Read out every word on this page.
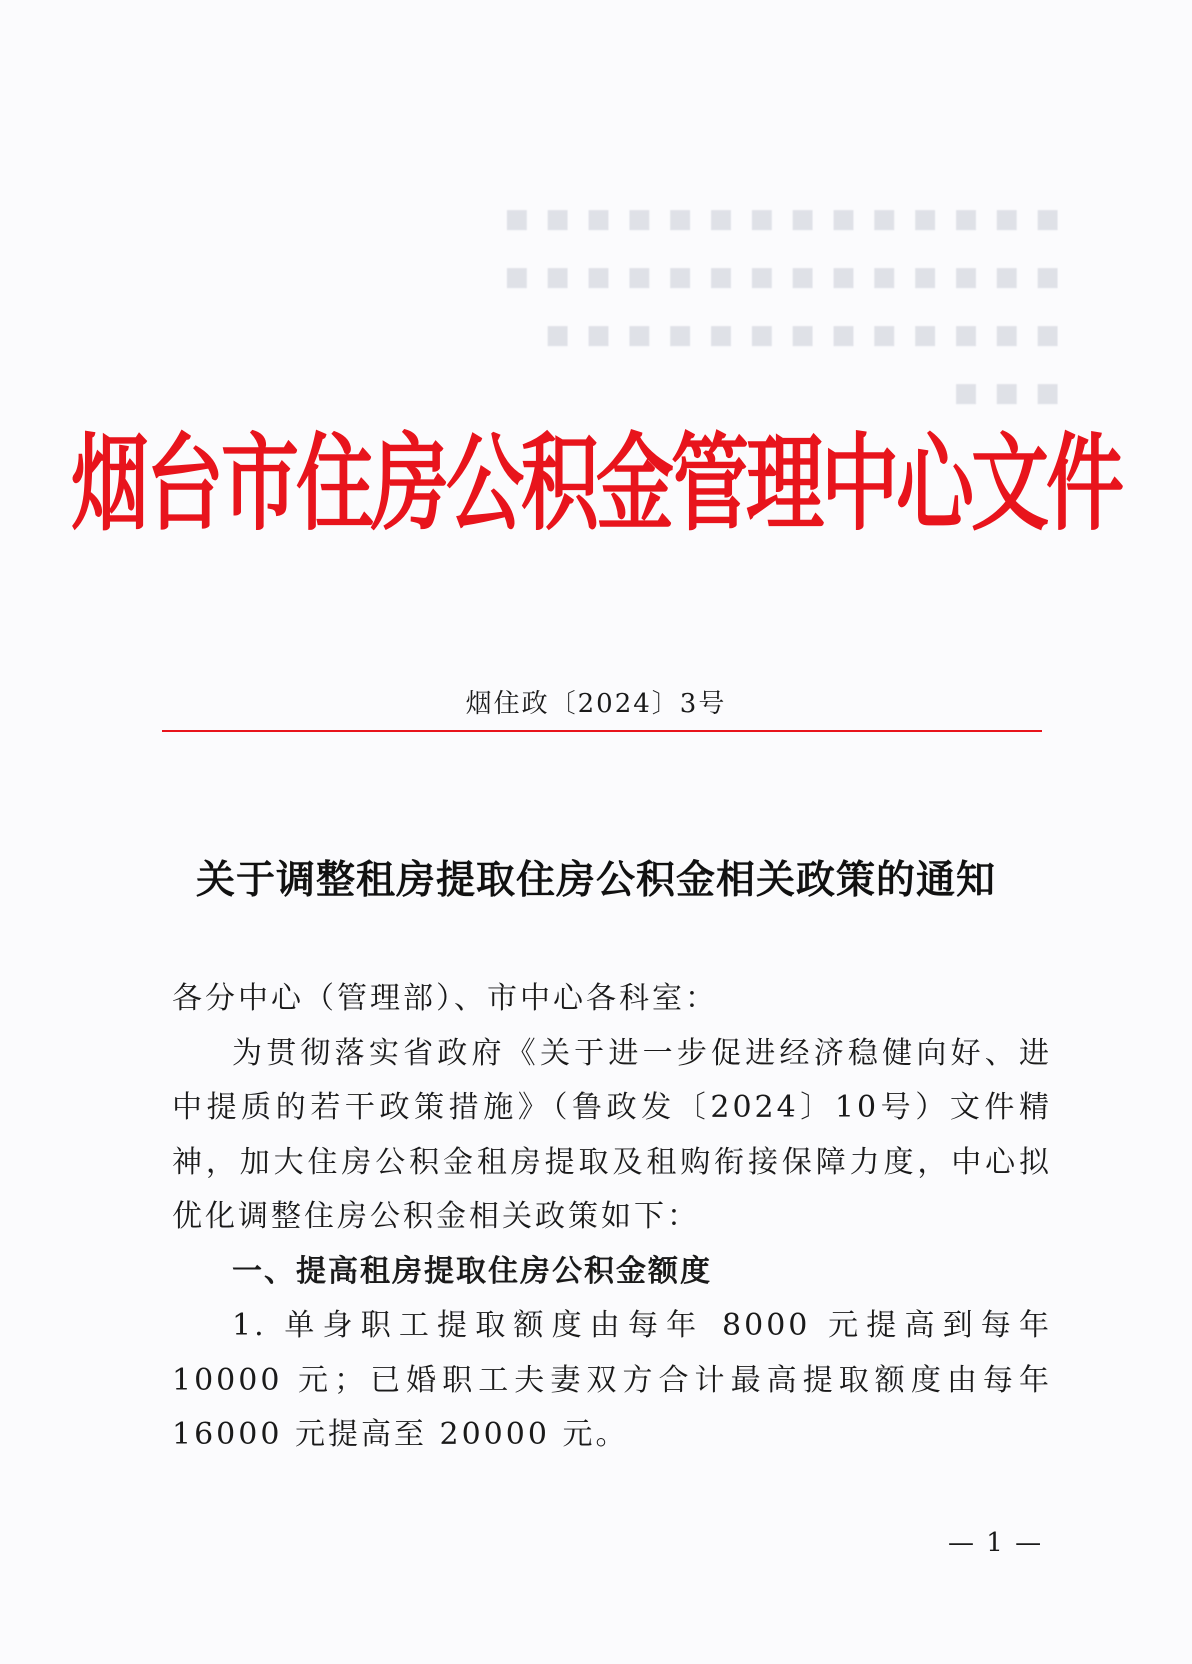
■ ■ ■ ■ ■ ■ ■ ■ ■ ■ ■ ■ ■ ■
■ ■ ■ ■ ■ ■ ■ ■ ■ ■ ■ ■ ■ ■
■ ■ ■ ■ ■ ■ ■ ■ ■ ■ ■ ■ ■
■ ■ ■
烟台市住房公积金管理中心文件
烟住政〔2024〕3号
关于调整租房提取住房公积金相关政策的通知

各分中心（管理部）、市中心各科室：

为贯彻落实省政府《关于进一步促进经济稳健向好、进中提质的若干政策措施》（鲁政发〔2024〕10号）文件精神，加大住房公积金租房提取及租购衔接保障力度，中心拟优化调整住房公积金相关政策如下：

一、提高租房提取住房公积金额度

1. 单身职工提取额度由每年 8000 元提高到每年 10000 元；已婚职工夫妻双方合计最高提取额度由每年 16000 元提高至 20000 元。

— 1 —
